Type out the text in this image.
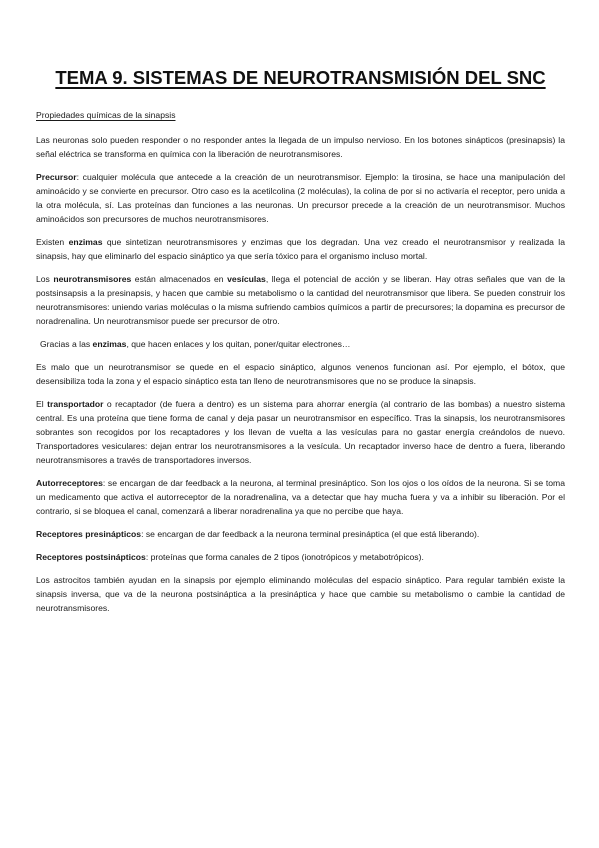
TEMA 9. SISTEMAS DE NEUROTRANSMISIÓN DEL SNC
Propiedades químicas de la sinapsis

Las neuronas solo pueden responder o no responder antes la llegada de un impulso nervioso. En los botones sinápticos (presinapsis) la señal eléctrica se transforma en química con la liberación de neurotransmisores.

Precursor: cualquier molécula que antecede a la creación de un neurotransmisor. Ejemplo: la tirosina, se hace una manipulación del aminoácido y se convierte en precursor. Otro caso es la acetilcolina (2 moléculas), la colina de por si no activaría el receptor, pero unida a la otra molécula, sí. Las proteínas dan funciones a las neuronas. Un precursor precede a la creación de un neurotransmisor. Muchos aminoácidos son precursores de muchos neurotransmisores.

Existen enzimas que sintetizan neurotransmisores y enzimas que los degradan. Una vez creado el neurotransmisor y realizada la sinapsis, hay que eliminarlo del espacio sináptico ya que sería tóxico para el organismo incluso mortal.

Los neurotransmisores están almacenados en vesículas, llega el potencial de acción y se liberan. Hay otras señales que van de la postsinsapsis a la presinapsis, y hacen que cambie su metabolismo o la cantidad del neurotransmisor que libera. Se pueden construir los neurotransmisores: uniendo varias moléculas o la misma sufriendo cambios químicos a partir de precursores; la dopamina es precursor de noradrenalina. Un neurotransmisor puede ser precursor de otro.

Gracias a las enzimas, que hacen enlaces y los quitan, poner/quitar electrones…

Es malo que un neurotransmisor se quede en el espacio sináptico, algunos venenos funcionan así. Por ejemplo, el bótox, que desensibiliza toda la zona y el espacio sináptico esta tan lleno de neurotransmisores que no se produce la sinapsis.

El transportador o recaptador (de fuera a dentro) es un sistema para ahorrar energía (al contrario de las bombas) a nuestro sistema central. Es una proteína que tiene forma de canal y deja pasar un neurotransmisor en específico. Tras la sinapsis, los neurotransmisores sobrantes son recogidos por los recaptadores y los llevan de vuelta a las vesículas para no gastar energía creándolos de nuevo. Transportadores vesiculares: dejan entrar los neurotransmisores a la vesícula. Un recaptador inverso hace de dentro a fuera, liberando neurotransmisores a través de transportadores inversos.

Autorreceptores: se encargan de dar feedback a la neurona, al terminal presináptico. Son los ojos o los oídos de la neurona. Si se toma un medicamento que activa el autorreceptor de la noradrenalina, va a detectar que hay mucha fuera y va a inhibir su liberación. Por el contrario, si se bloquea el canal, comenzará a liberar noradrenalina ya que no percibe que haya.

Receptores presinápticos: se encargan de dar feedback a la neurona terminal presináptica (el que está liberando).

Receptores postsinápticos: proteínas que forma canales de 2 tipos (ionotrópicos y metabotrópicos).

Los astrocitos también ayudan en la sinapsis por ejemplo eliminando moléculas del espacio sináptico. Para regular también existe la sinapsis inversa, que va de la neurona postsináptica a la presináptica y hace que cambie su metabolismo o cambie la cantidad de neurotransmisores.
